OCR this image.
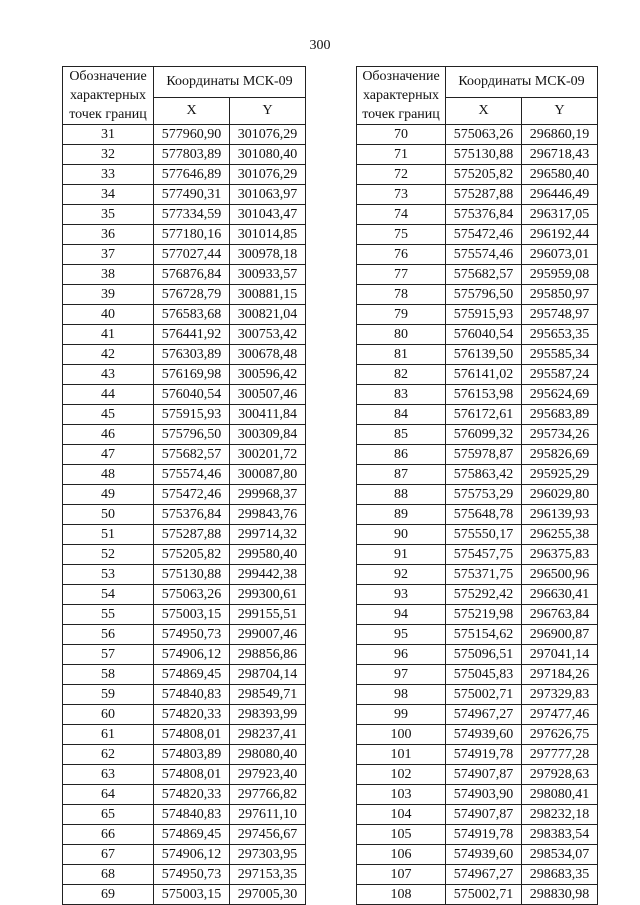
300
Обозначение характерных точек границ	Координаты МСК-09	
	X	Y
31	577960,90	301076,29
32	577803,89	301080,40
33	577646,89	301076,29
34	577490,31	301063,97
35	577334,59	301043,47
36	577180,16	301014,85
37	577027,44	300978,18
38	576876,84	300933,57
39	576728,79	300881,15
40	576583,68	300821,04
41	576441,92	300753,42
42	576303,89	300678,48
43	576169,98	300596,42
44	576040,54	300507,46
45	575915,93	300411,84
46	575796,50	300309,84
47	575682,57	300201,72
48	575574,46	300087,80
49	575472,46	299968,37
50	575376,84	299843,76
51	575287,88	299714,32
52	575205,82	299580,40
53	575130,88	299442,38
54	575063,26	299300,61
55	575003,15	299155,51
56	574950,73	299007,46
57	574906,12	298856,86
58	574869,45	298704,14
59	574840,83	298549,71
60	574820,33	298393,99
61	574808,01	298237,41
62	574803,89	298080,40
63	574808,01	297923,40
64	574820,33	297766,82
65	574840,83	297611,10
66	574869,45	297456,67
67	574906,12	297303,95
68	574950,73	297153,35
69	575003,15	297005,30
Обозначение характерных точек границ	Координаты МСК-09	
	X	Y
70	575063,26	296860,19
71	575130,88	296718,43
72	575205,82	296580,40
73	575287,88	296446,49
74	575376,84	296317,05
75	575472,46	296192,44
76	575574,46	296073,01
77	575682,57	295959,08
78	575796,50	295850,97
79	575915,93	295748,97
80	576040,54	295653,35
81	576139,50	295585,34
82	576141,02	295587,24
83	576153,98	295624,69
84	576172,61	295683,89
85	576099,32	295734,26
86	575978,87	295826,69
87	575863,42	295925,29
88	575753,29	296029,80
89	575648,78	296139,93
90	575550,17	296255,38
91	575457,75	296375,83
92	575371,75	296500,96
93	575292,42	296630,41
94	575219,98	296763,84
95	575154,62	296900,87
96	575096,51	297041,14
97	575045,83	297184,26
98	575002,71	297329,83
99	574967,27	297477,46
100	574939,60	297626,75
101	574919,78	297777,28
102	574907,87	297928,63
103	574903,90	298080,41
104	574907,87	298232,18
105	574919,78	298383,54
106	574939,60	298534,07
107	574967,27	298683,35
108	575002,71	298830,98
